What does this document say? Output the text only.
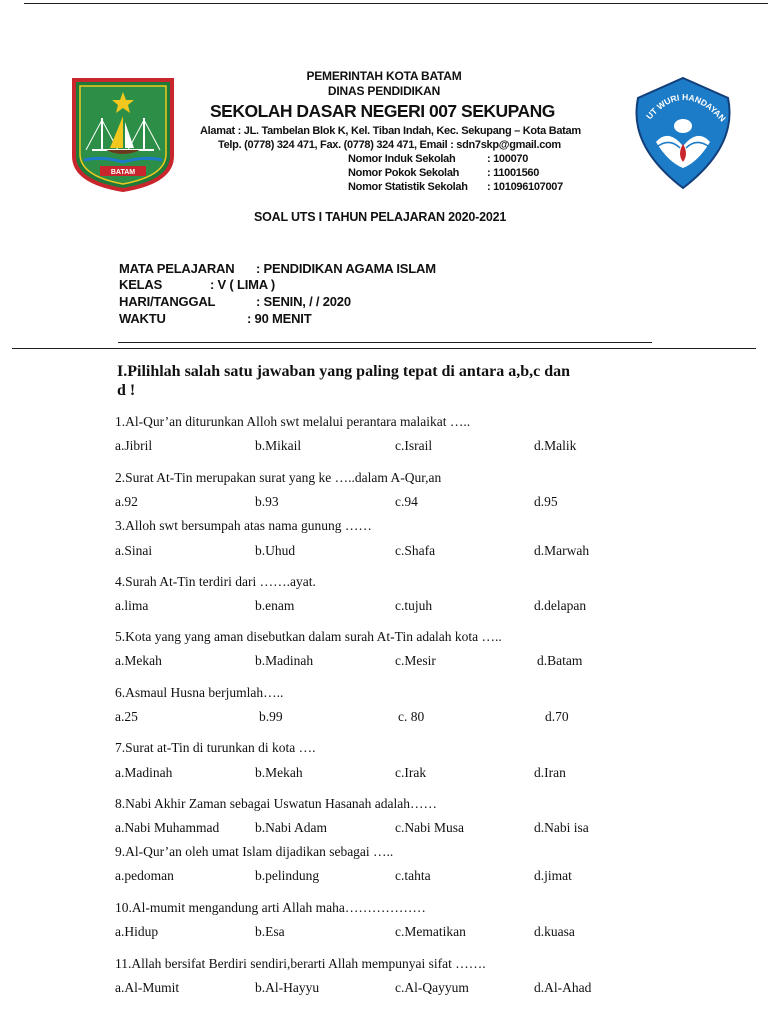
BATAM
UT WURI HANDAYAN
PEMERINTAH KOTA BATAM
DINAS PENDIDIKAN
SEKOLAH DASAR NEGERI 007 SEKUPANG
Alamat : JL. Tambelan Blok K, Kel. Tiban Indah, Kec. Sekupang – Kota Batam
Telp. (0778) 324 471, Fax. (0778) 324 471, Email : sdn7skp@gmail.com
Nomor Induk Sekolah	: 100070
Nomor Pokok Sekolah	: 11001560
Nomor Statistik Sekolah : 101096107007
SOAL UTS I TAHUN PELAJARAN 2020-2021
MATA PELAJARAN : PENDIDIKAN AGAMA ISLAM
KELAS	: V ( LIMA )
HARI/TANGGAL	: SENIN, / / 2020
WAKTU	: 90 MENIT
I.Pilihlah salah satu jawaban yang paling tepat di antara a,b,c dan
d !
1.Al-Qur’an diturunkan Alloh swt melalui perantara malaikat …..
a.Jibril	b.Mikail	c.Israil	d.Malik
2.Surat At-Tin merupakan surat yang ke …..dalam A-Qur,an
a.92	b.93	c.94	d.95
3.Alloh swt bersumpah atas nama gunung ……
a.Sinai	b.Uhud	c.Shafa	d.Marwah
4.Surah At-Tin terdiri dari …….ayat.
a.lima	b.enam	c.tujuh	d.delapan
5.Kota yang yang aman disebutkan dalam surah At-Tin adalah kota …..
a.Mekah	b.Madinah	c.Mesir	d.Batam
6.Asmaul Husna berjumlah…..
a.25	b.99	c. 80	d.70
7.Surat at-Tin di turunkan di kota ….
a.Madinah	b.Mekah	c.Irak	d.Iran
8.Nabi Akhir Zaman sebagai Uswatun Hasanah adalah……
a.Nabi Muhammad	b.Nabi Adam	c.Nabi Musa	d.Nabi isa
9.Al-Qur’an oleh umat Islam dijadikan sebagai …..
a.pedoman	b.pelindung	c.tahta	d.jimat
10.Al-mumit mengandung arti Allah maha………………
a.Hidup	b.Esa	c.Mematikan	d.kuasa
11.Allah bersifat Berdiri sendiri,berarti Allah mempunyai sifat …….
a.Al-Mumit	b.Al-Hayyu	c.Al-Qayyum	d.Al-Ahad
